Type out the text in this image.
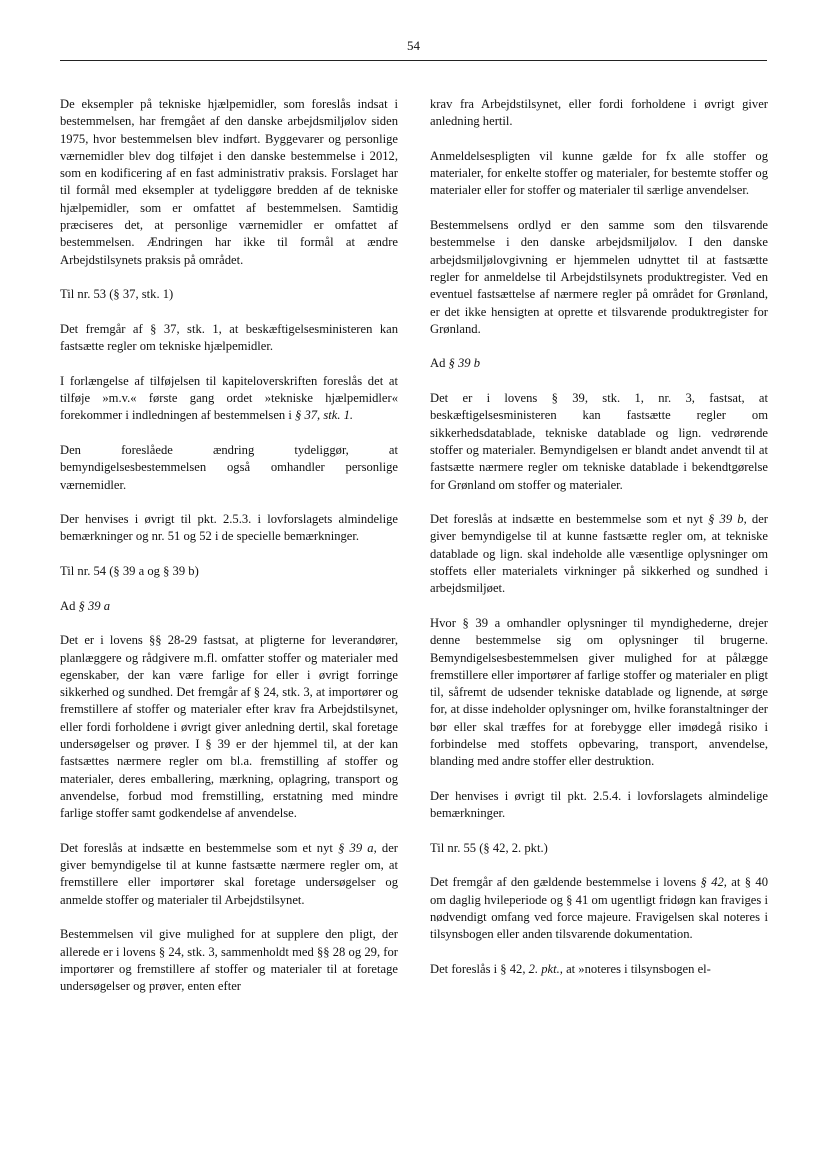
54

De eksempler på tekniske hjælpemidler, som foreslås indsat i bestemmelsen, har fremgået af den danske arbejdsmiljølov siden 1975, hvor bestemmelsen blev indført. Byggevarer og personlige værnemidler blev dog tilføjet i den danske bestemmelse i 2012, som en kodificering af en fast administrativ praksis. Forslaget har til formål med eksempler at tydeliggøre bredden af de tekniske hjælpemidler, som er omfattet af bestemmelsen. Samtidig præciseres det, at personlige værnemidler er omfattet af bestemmelsen. Ændringen har ikke til formål at ændre Arbejdstilsynets praksis på området.

Til nr. 53 (§ 37, stk. 1)

Det fremgår af § 37, stk. 1, at beskæftigelsesministeren kan fastsætte regler om tekniske hjælpemidler.

I forlængelse af tilføjelsen til kapiteloverskriften foreslås det at tilføje »m.v.« første gang ordet »tekniske hjælpemidler« forekommer i indledningen af bestemmelsen i § 37, stk. 1.

Den foreslåede ændring tydeliggør, at bemyndigelsesbestemmelsen også omhandler personlige værnemidler.

Der henvises i øvrigt til pkt. 2.5.3. i lovforslagets almindelige bemærkninger og nr. 51 og 52 i de specielle bemærkninger.

Til nr. 54 (§ 39 a og § 39 b)

Ad § 39 a

Det er i lovens §§ 28-29 fastsat, at pligterne for leverandører, planlæggere og rådgivere m.fl. omfatter stoffer og materialer med egenskaber, der kan være farlige for eller i øvrigt forringe sikkerhed og sundhed. Det fremgår af § 24, stk. 3, at importører og fremstillere af stoffer og materialer efter krav fra Arbejdstilsynet, eller fordi forholdene i øvrigt giver anledning dertil, skal foretage undersøgelser og prøver. I § 39 er der hjemmel til, at der kan fastsættes nærmere regler om bl.a. fremstilling af stoffer og materialer, deres emballering, mærkning, oplagring, transport og anvendelse, forbud mod fremstilling, erstatning med mindre farlige stoffer samt godkendelse af anvendelse.

Det foreslås at indsætte en bestemmelse som et nyt § 39 a, der giver bemyndigelse til at kunne fastsætte nærmere regler om, at fremstillere eller importører skal foretage undersøgelser og anmelde stoffer og materialer til Arbejdstilsynet.

Bestemmelsen vil give mulighed for at supplere den pligt, der allerede er i lovens § 24, stk. 3, sammenholdt med §§ 28 og 29, for importører og fremstillere af stoffer og materialer til at foretage undersøgelser og prøver, enten efter

krav fra Arbejdstilsynet, eller fordi forholdene i øvrigt giver anledning hertil.

Anmeldelsespligten vil kunne gælde for fx alle stoffer og materialer, for enkelte stoffer og materialer, for bestemte stoffer og materialer eller for stoffer og materialer til særlige anvendelser.

Bestemmelsens ordlyd er den samme som den tilsvarende bestemmelse i den danske arbejdsmiljølov. I den danske arbejdsmiljølovgivning er hjemmelen udnyttet til at fastsætte regler for anmeldelse til Arbejdstilsynets produktregister. Ved en eventuel fastsættelse af nærmere regler på området for Grønland, er det ikke hensigten at oprette et tilsvarende produktregister for Grønland.

Ad § 39 b

Det er i lovens § 39, stk. 1, nr. 3, fastsat, at beskæftigelsesministeren kan fastsætte regler om sikkerhedsdatablade, tekniske datablade og lign. vedrørende stoffer og materialer. Bemyndigelsen er blandt andet anvendt til at fastsætte nærmere regler om tekniske datablade i bekendtgørelse for Grønland om stoffer og materialer.

Det foreslås at indsætte en bestemmelse som et nyt § 39 b, der giver bemyndigelse til at kunne fastsætte regler om, at tekniske datablade og lign. skal indeholde alle væsentlige oplysninger om stoffets eller materialets virkninger på sikkerhed og sundhed i arbejdsmiljøet.

Hvor § 39 a omhandler oplysninger til myndighederne, drejer denne bestemmelse sig om oplysninger til brugerne. Bemyndigelsesbestemmelsen giver mulighed for at pålægge fremstillere eller importører af farlige stoffer og materialer en pligt til, såfremt de udsender tekniske datablade og lignende, at sørge for, at disse indeholder oplysninger om, hvilke foranstaltninger der bør eller skal træffes for at forebygge eller imødegå risiko i forbindelse med stoffets opbevaring, transport, anvendelse, blanding med andre stoffer eller destruktion.

Der henvises i øvrigt til pkt. 2.5.4. i lovforslagets almindelige bemærkninger.

Til nr. 55 (§ 42, 2. pkt.)

Det fremgår af den gældende bestemmelse i lovens § 42, at § 40 om daglig hvileperiode og § 41 om ugentligt fridøgn kan fraviges i nødvendigt omfang ved force majeure. Fravigelsen skal noteres i tilsynsbogen eller anden tilsvarende dokumentation.

Det foreslås i § 42, 2. pkt., at »noteres i tilsynsbogen el-
